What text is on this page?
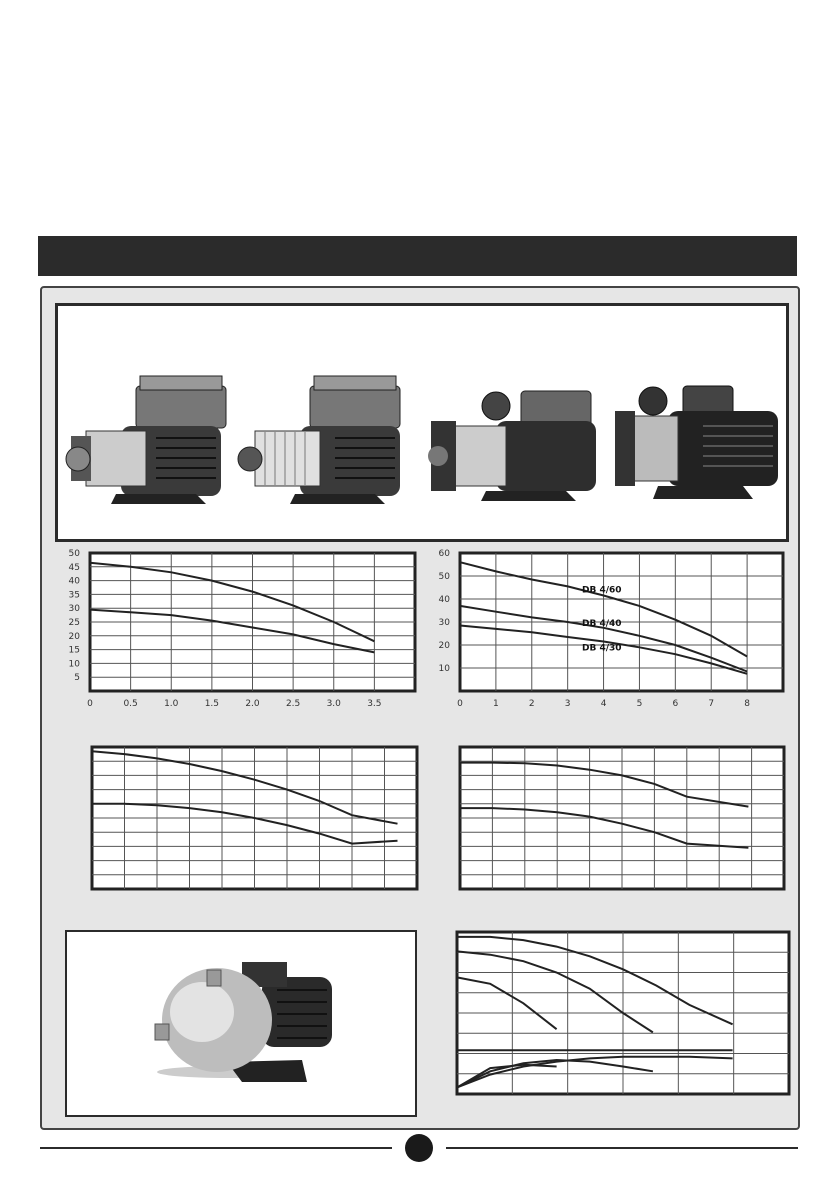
0	0.5	1.0	1.5	2.0	2.5	3.0	3.5
5
10
15
20
25
30
35
40
45
50
DB 4/60
DB 4/40
DB 4/30
0	1	2	3	4	5	6	7	8
10
20
30
40
50
60
